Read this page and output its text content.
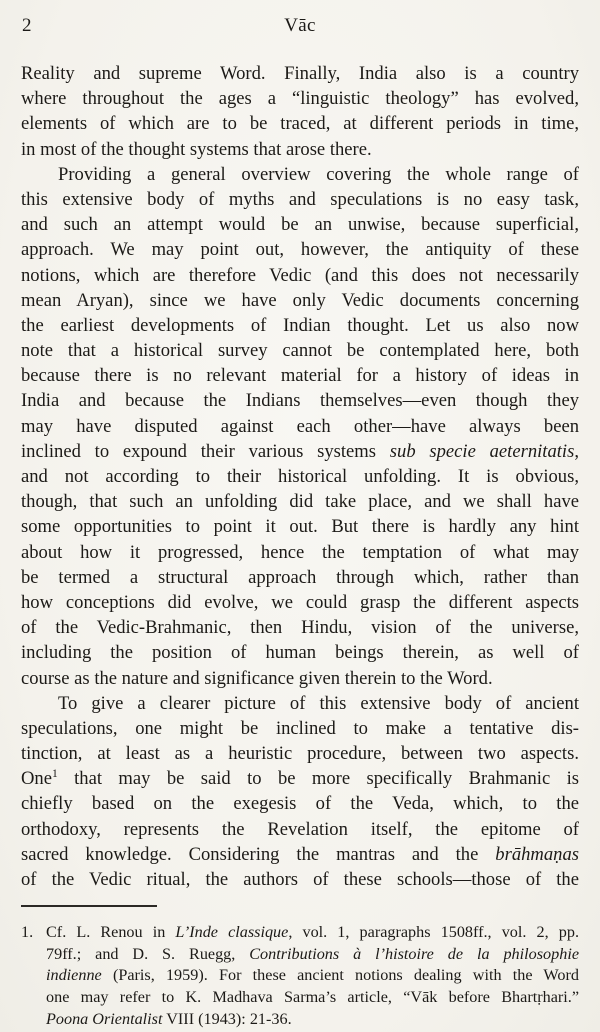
2	Vāc

Reality and supreme Word. Finally, India also is a country
where throughout the ages a “linguistic theology” has evolved,
elements of which are to be traced, at different periods in time,
in most of the thought systems that arose there.

Providing a general overview covering the whole range of
this extensive body of myths and speculations is no easy task,
and such an attempt would be an unwise, because superficial,
approach. We may point out, however, the antiquity of these
notions, which are therefore Vedic (and this does not necessarily
mean Aryan), since we have only Vedic documents concerning
the earliest developments of Indian thought. Let us also now
note that a historical survey cannot be contemplated here, both
because there is no relevant material for a history of ideas in
India and because the Indians themselves—even though they
may have disputed against each other—have always been
inclined to expound their various systems sub specie aeternitatis,
and not according to their historical unfolding. It is obvious,
though, that such an unfolding did take place, and we shall have
some opportunities to point it out. But there is hardly any hint
about how it progressed, hence the temptation of what may
be termed a structural approach through which, rather than
how conceptions did evolve, we could grasp the different aspects
of the Vedic-Brahmanic, then Hindu, vision of the universe,
including the position of human beings therein, as well of
course as the nature and significance given therein to the Word.

To give a clearer picture of this extensive body of ancient
speculations, one might be inclined to make a tentative dis-
tinction, at least as a heuristic procedure, between two aspects.
One$^1$ that may be said to be more specifically Brahmanic is
chiefly based on the exegesis of the Veda, which, to the
orthodoxy, represents the Revelation itself, the epitome of
sacred knowledge. Considering the mantras and the brāhmaṇas
of the Vedic ritual, the authors of these schools—those of the

1. Cf. L. Renou in L’Inde classique, vol. 1, paragraphs 1508ff., vol. 2, pp.
79ff.; and D. S. Ruegg, Contributions à l’histoire de la philosophie
indienne (Paris, 1959). For these ancient notions dealing with the Word
one may refer to K. Madhava Sarma’s article, “Vāk before Bhartṛhari.”
Poona Orientalist VIII (1943): 21-36.
